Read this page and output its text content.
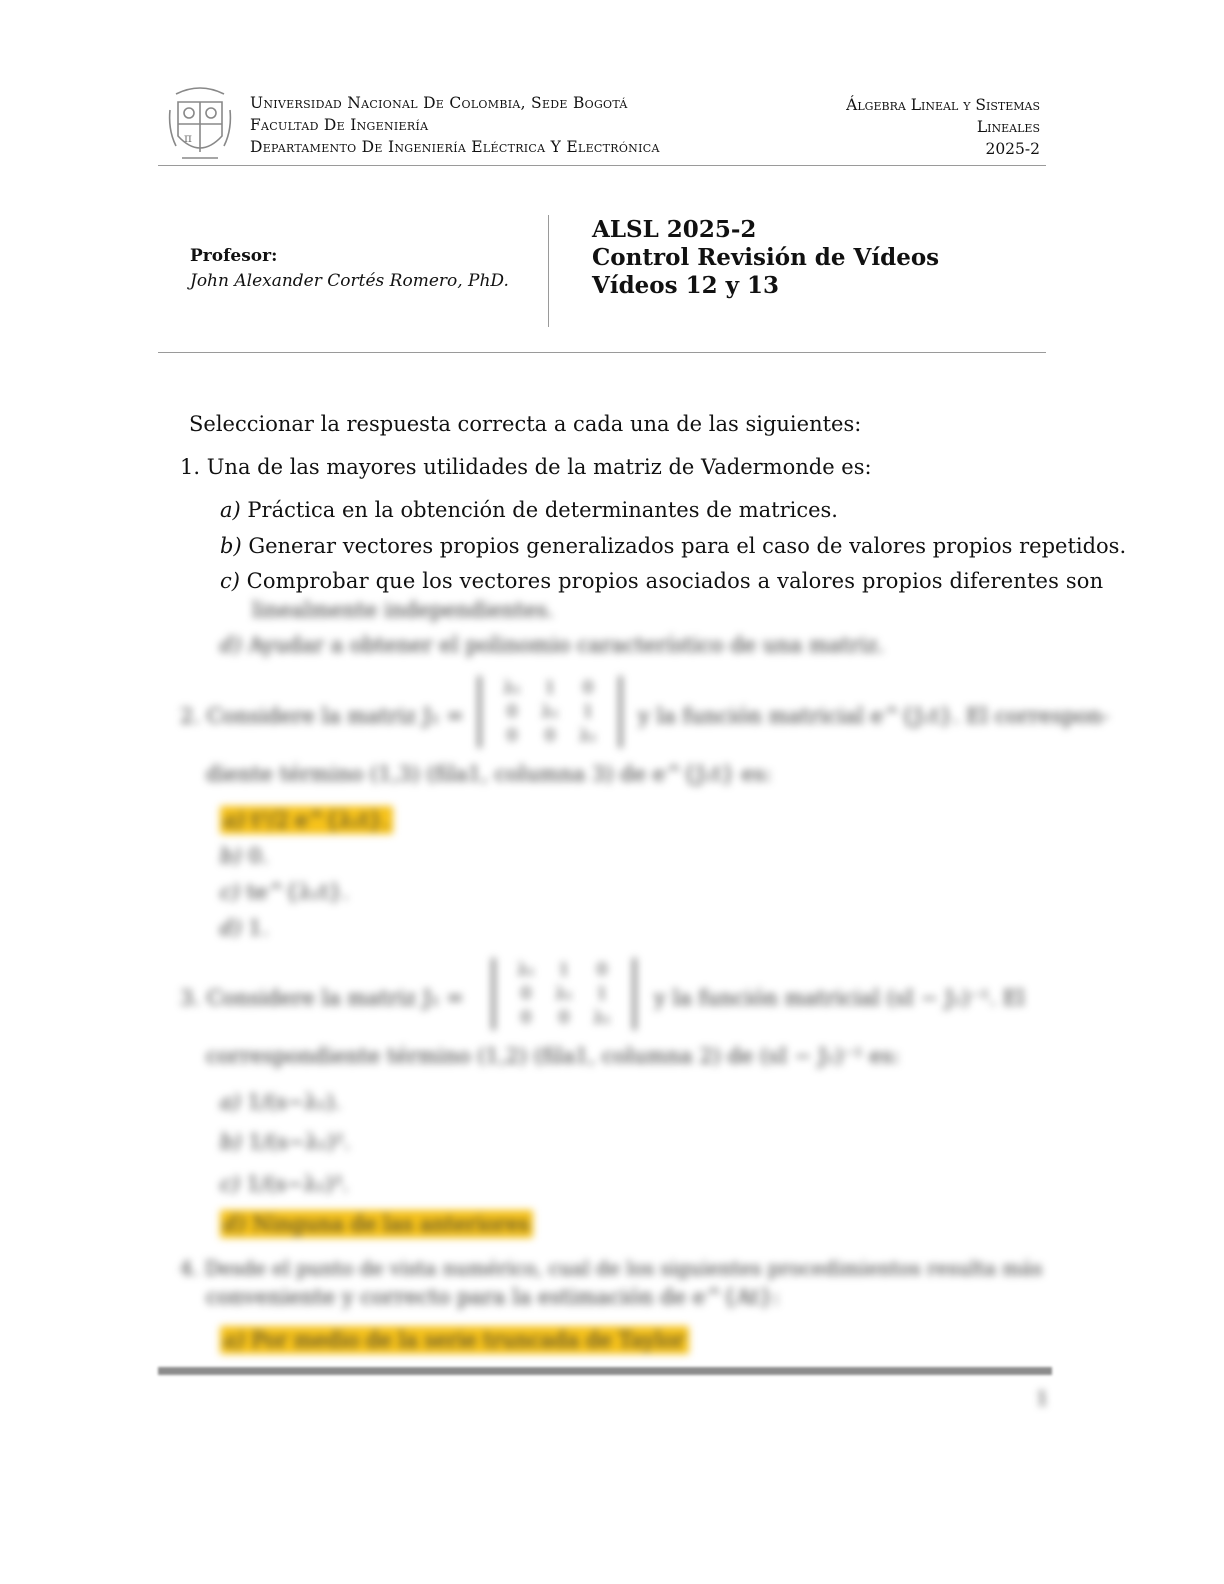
π
Universidad Nacional De Colombia, Sede Bogotá
Facultad De Ingeniería
Departamento De Ingeniería Eléctrica Y Electrónica
Álgebra Lineal y Sistemas
Lineales
2025-2
Profesor:
John Alexander Cortés Romero, PhD.
ALSL 2025-2
Control Revisión de Vídeos
Vídeos 12 y 13
Seleccionar la respuesta correcta a cada una de las siguientes:
1. Una de las mayores utilidades de la matriz de Vadermonde es:
a) Práctica en la obtención de determinantes de matrices.
b) Generar vectores propios generalizados para el caso de valores propios repetidos.
c) Comprobar que los vectores propios asociados a valores propios diferentes son
linealmente independientes.
d) Ayudar a obtener el polinomio característico de una matriz.
2. Considere la matriz J₁ =
λ₁	1	0
0	λ₁	1
0	0	λ₁
y la función matricial e^{J₁t}. El correspon-
diente término (1,3) (fila1, columna 3) de e^{J₁t} es:
a) t²/2 e^{λ₁t}.
b) 0.
c) te^{λ₁t}.
d) 1.
3. Considere la matriz J₁ =
λ₁	1	0
0	λ₁	1
0	0	λ₁
y la función matricial (sI − J₁)⁻¹. El
correspondiente término (1,2) (fila1, columna 2) de (sI − J₁)⁻¹ es:
a) 1/(s−λ₁).
b) 1/(s−λ₁)².
c) 1/(s−λ₁)³.
d) Ninguna de las anteriores
4. Desde el punto de vista numérico, cual de los siguientes procedimientos resulta más
conveniente y correcto para la estimación de e^{At}:
a) Por medio de la serie truncada de Taylor
1
